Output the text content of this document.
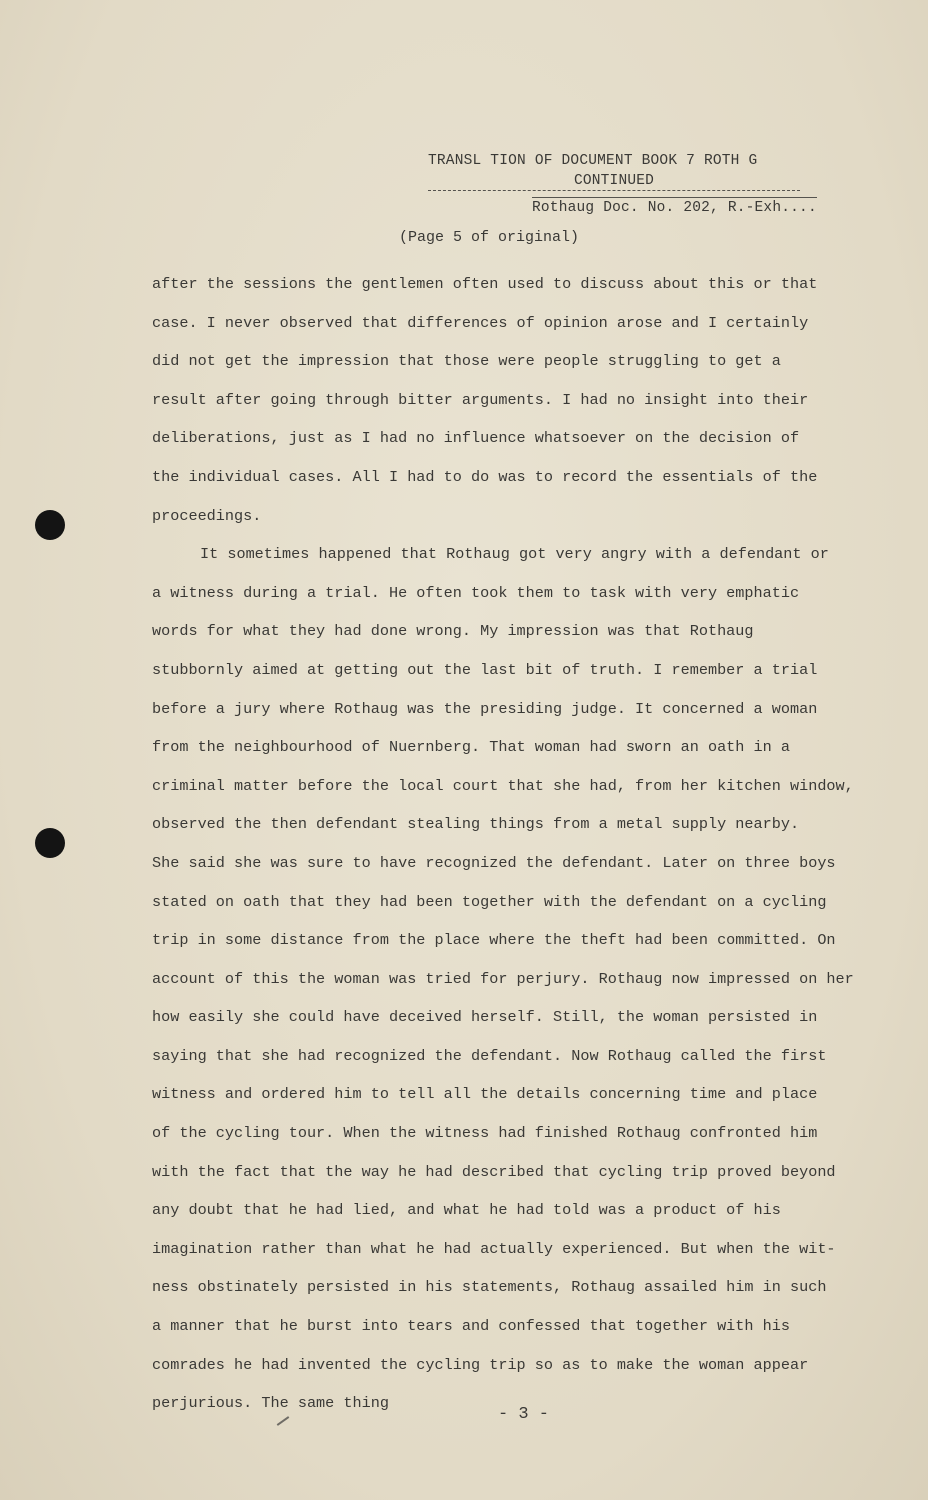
TRANSL TION OF DOCUMENT BOOK 7 ROTH G
CONTINUED
Rothaug Doc. No. 202, R.-Exh....
(Page 5 of original)
after the sessions the gentlemen often used to discuss about this or that
case. I never observed that differences of opinion arose and I certainly
did not get the impression that those were people struggling to get a
result after going through bitter arguments. I had no insight into their
deliberations, just as I had no influence whatsoever on the decision of
the individual cases. All I had to do was to record the essentials of the
proceedings.
It sometimes happened that Rothaug got very angry with a defendant or
a witness during a trial. He often took them to task with very emphatic
words for what they had done wrong. My impression was that Rothaug
stubbornly aimed at getting out the last bit of truth. I remember a trial
before a jury where Rothaug was the presiding judge. It concerned a woman
from the neighbourhood of Nuernberg. That woman had sworn an oath in a
criminal matter before the local court that she had, from her kitchen window,
observed the then defendant stealing things from a metal supply nearby.
She said she was sure to have recognized the defendant. Later on three boys
stated on oath that they had been together with the defendant on a cycling
trip in some distance from the place where the theft had been committed. On
account of this the woman was tried for perjury. Rothaug now impressed on her
how easily she could have deceived herself. Still, the woman persisted in
saying that she had recognized the defendant. Now Rothaug called the first
witness and ordered him to tell all the details concerning time and place
of the cycling tour. When the witness had finished Rothaug confronted him
with the fact that the way he had described that cycling trip proved beyond
any doubt that he had lied, and what he had told was a product of his
imagination rather than what he had actually experienced. But when the wit-
ness obstinately persisted in his statements, Rothaug assailed him in such
a manner that he burst into tears and confessed that together with his
comrades he had invented the cycling trip so as to make the woman appear
perjurious. The same thing
- 3 -
